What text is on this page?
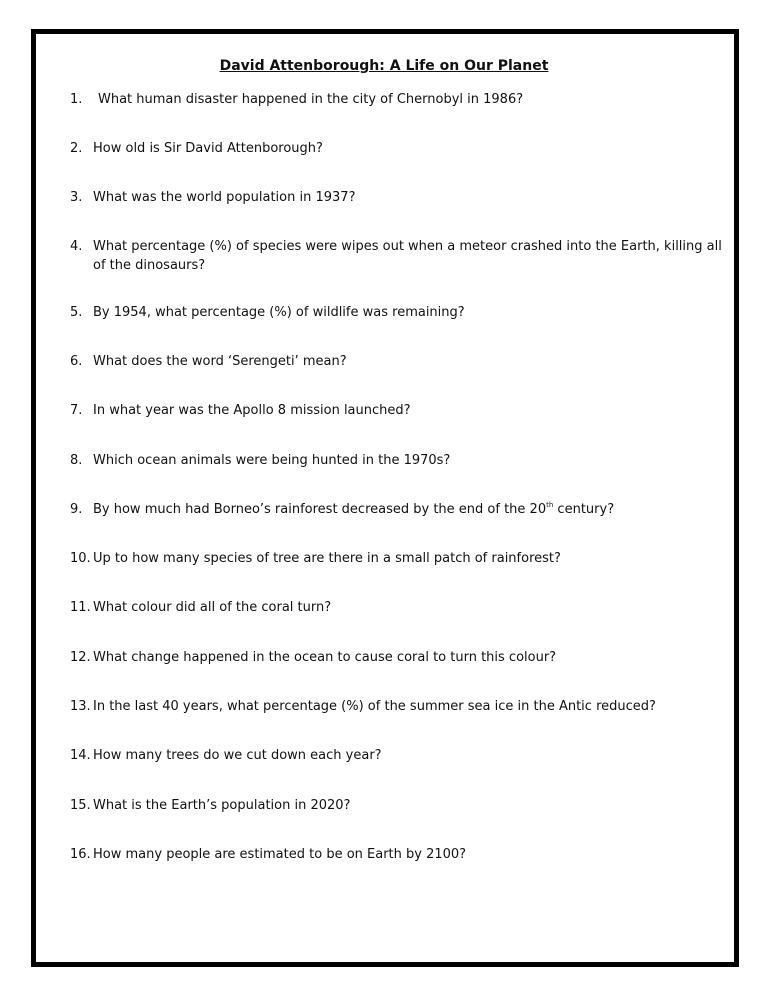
David Attenborough: A Life on Our Planet
1.	What human disaster happened in the city of Chernobyl in 1986?
2. How old is Sir David Attenborough?
3. What was the world population in 1937?
4. What percentage (%) of species were wipes out when a meteor crashed into the Earth, killing all of the dinosaurs?
5. By 1954, what percentage (%) of wildlife was remaining?
6. What does the word ‘Serengeti’ mean?
7. In what year was the Apollo 8 mission launched?
8. Which ocean animals were being hunted in the 1970s?
9. By how much had Borneo’s rainforest decreased by the end of the 20th century?
10. Up to how many species of tree are there in a small patch of rainforest?
11. What colour did all of the coral turn?
12. What change happened in the ocean to cause coral to turn this colour?
13. In the last 40 years, what percentage (%) of the summer sea ice in the Antic reduced?
14. How many trees do we cut down each year?
15. What is the Earth’s population in 2020?
16. How many people are estimated to be on Earth by 2100?
